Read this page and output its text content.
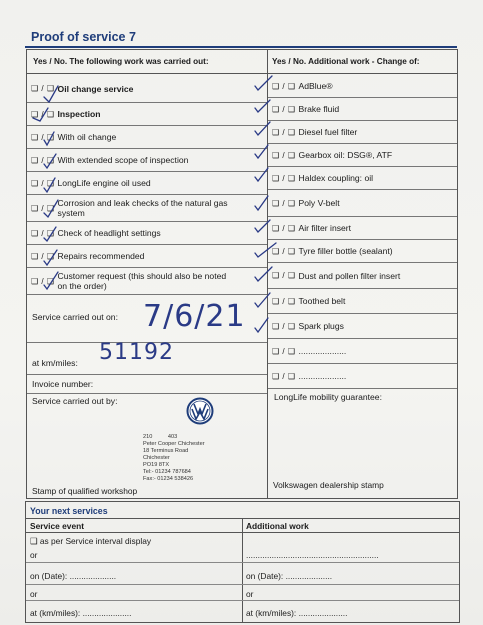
Proof of service 7
Yes / No. The following work was carried out:	Yes / No. Additional work - Change of:
❑ / ❑ Oil change service
❑ / ❑ Inspection
❑ / ❑ With oil change
❑ / ❑ With extended scope of inspection
❑ / ❑ LongLife engine oil used
❑ / ❑ Corrosion and leak checks of the natural gas system
❑ / ❑ Check of headlight settings
❑ / ❑ Repairs recommended
❑ / ❑ Customer request (this should also be noted on the order)
Service carried out on: 7/6/21
at km/miles: 51192
Invoice number:
Service carried out by:
Stamp of qualified workshop
❑ / ❑ AdBlue®
❑ / ❑ Brake fluid
❑ / ❑ Diesel fuel filter
❑ / ❑ Gearbox oil: DSG®, ATF
❑ / ❑ Haldex coupling: oil
❑ / ❑ Poly V-belt
❑ / ❑ Air filter insert
❑ / ❑ Tyre filler bottle (sealant)
❑ / ❑ Dust and pollen filter insert
❑ / ❑ Toothed belt
❑ / ❑ Spark plugs
❑ / ❑ ....................
❑ / ❑ ....................
LongLife mobility guarantee:
Volkswagen dealership stamp
210          403
Peter Cooper Chichester
18 Terminus Road
Chichester
PO19 8TX
Tel:- 01234 787684
Fax:- 01234 538426
Your next services
Service event	Additional work
❑ as per Service interval display
or	.........................................................
on (Date): ....................	on (Date): ....................
or	or
at (km/miles): .....................	at (km/miles): .....................
